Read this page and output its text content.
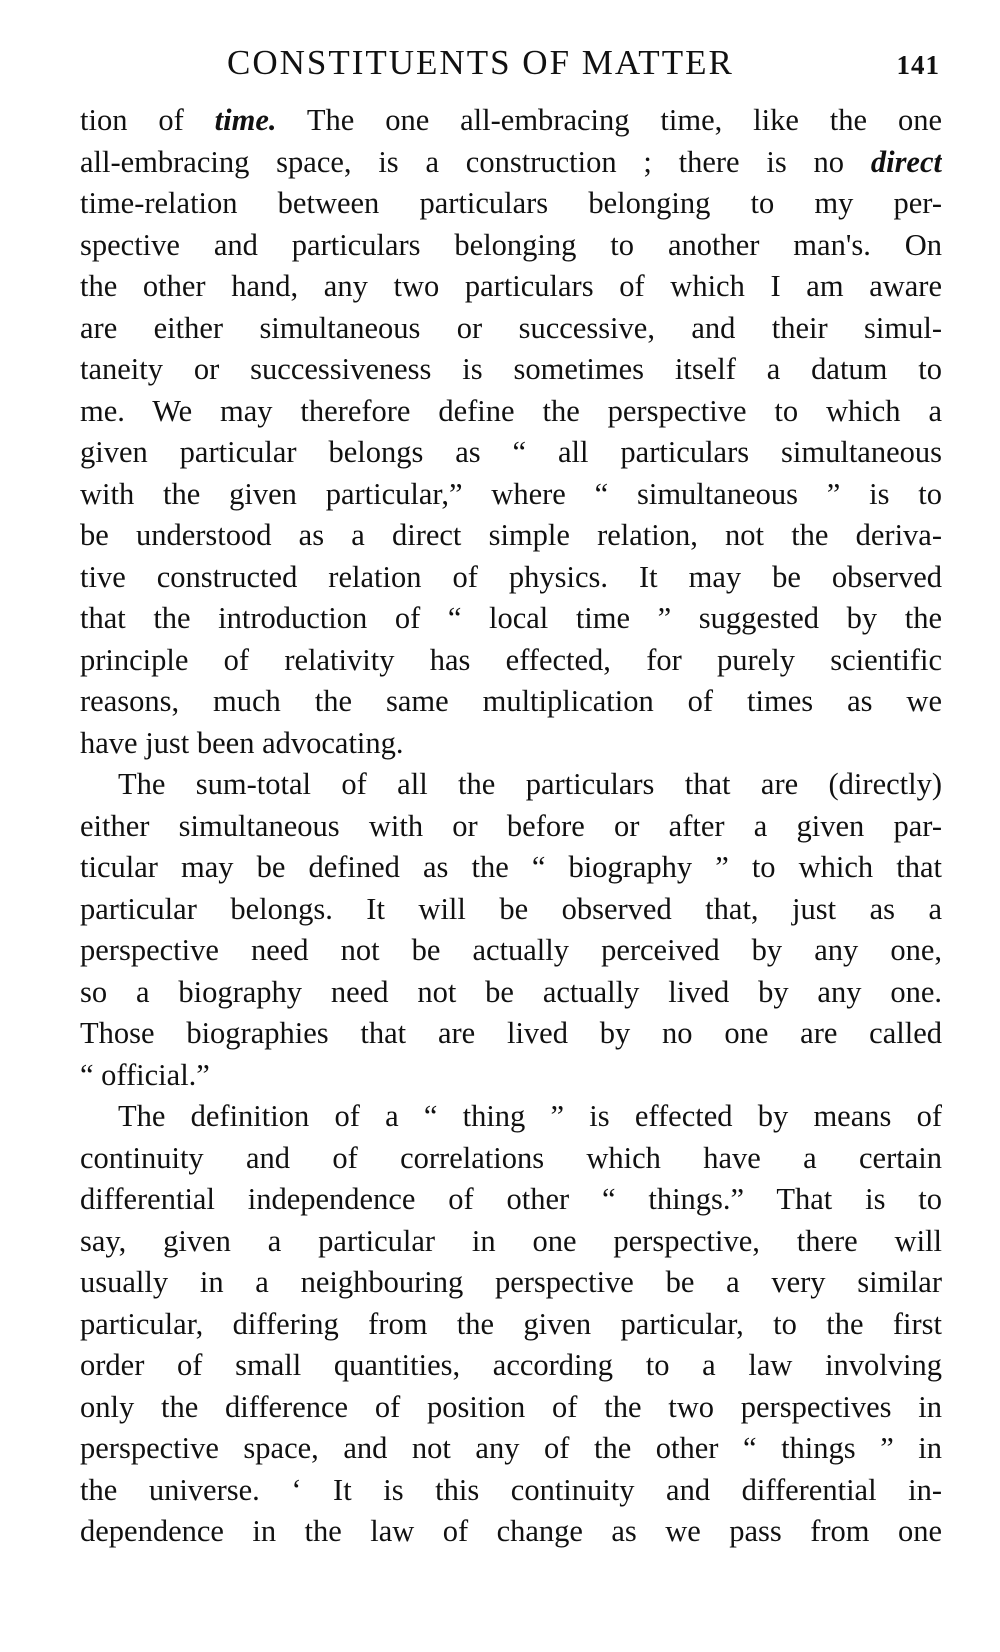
CONSTITUENTS OF MATTER	141
tion of time. The one all-embracing time, like the one
all-embracing space, is a construction ; there is no direct
time-relation between particulars belonging to my per-
spective and particulars belonging to another man's. On
the other hand, any two particulars of which I am aware
are either simultaneous or successive, and their simul-
taneity or successiveness is sometimes itself a datum to
me. We may therefore define the perspective to which a
given particular belongs as “ all particulars simultaneous
with the given particular,” where “ simultaneous ” is to
be understood as a direct simple relation, not the deriva-
tive constructed relation of physics. It may be observed
that the introduction of “ local time ” suggested by the
principle of relativity has effected, for purely scientific
reasons, much the same multiplication of times as we
have just been advocating.
The sum-total of all the particulars that are (directly)
either simultaneous with or before or after a given par-
ticular may be defined as the “ biography ” to which that
particular belongs. It will be observed that, just as a
perspective need not be actually perceived by any one,
so a biography need not be actually lived by any one.
Those biographies that are lived by no one are called
“ official.”
The definition of a “ thing ” is effected by means of
continuity and of correlations which have a certain
differential independence of other “ things.” That is to
say, given a particular in one perspective, there will
usually in a neighbouring perspective be a very similar
particular, differing from the given particular, to the first
order of small quantities, according to a law involving
only the difference of position of the two perspectives in
perspective space, and not any of the other “ things ” in
the universe. ‘ It is this continuity and differential in-
dependence in the law of change as we pass from one
